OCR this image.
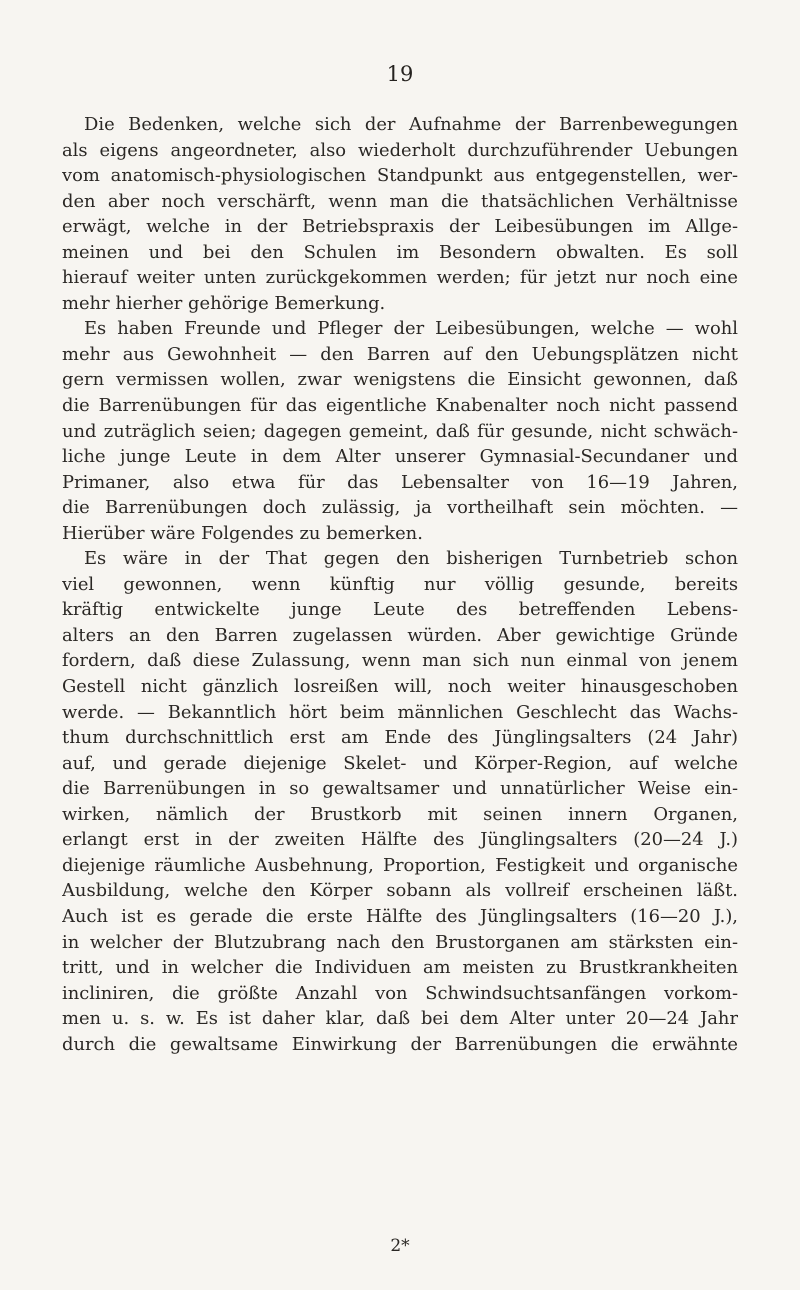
19

Die Bedenken, welche sich der Aufnahme der Barrenbewegungen
als eigens angeordneter, also wiederholt durchzuführender Uebungen
vom anatomisch-physiologischen Standpunkt aus entgegenstellen, wer-
den aber noch verschärft, wenn man die thatsächlichen Verhältnisse
erwägt, welche in der Betriebspraxis der Leibesübungen im Allge-
meinen und bei den Schulen im Besondern obwalten. Es soll
hierauf weiter unten zurückgekommen werden; für jetzt nur noch eine
mehr hierher gehörige Bemerkung.

Es haben Freunde und Pfleger der Leibesübungen, welche — wohl
mehr aus Gewohnheit — den Barren auf den Uebungsplätzen nicht
gern vermissen wollen, zwar wenigstens die Einsicht gewonnen, daß
die Barrenübungen für das eigentliche Knabenalter noch nicht passend
und zuträglich seien; dagegen gemeint, daß für gesunde, nicht schwäch-
liche junge Leute in dem Alter unserer Gymnasial-Secundaner und
Primaner, also etwa für das Lebensalter von 16—19 Jahren,
die Barrenübungen doch zulässig, ja vortheilhaft sein möchten. —
Hierüber wäre Folgendes zu bemerken.

Es wäre in der That gegen den bisherigen Turnbetrieb schon
viel gewonnen, wenn künftig nur völlig gesunde, bereits
kräftig entwickelte junge Leute des betreffenden Lebens-
alters an den Barren zugelassen würden. Aber gewichtige Gründe
fordern, daß diese Zulassung, wenn man sich nun einmal von jenem
Gestell nicht gänzlich losreißen will, noch weiter hinausgeschoben
werde. — Bekanntlich hört beim männlichen Geschlecht das Wachs-
thum durchschnittlich erst am Ende des Jünglingsalters (24 Jahr)
auf, und gerade diejenige Skelet- und Körper-Region, auf welche
die Barrenübungen in so gewaltsamer und unnatürlicher Weise ein-
wirken, nämlich der Brustkorb mit seinen innern Organen,
erlangt erst in der zweiten Hälfte des Jünglingsalters (20—24 J.)
diejenige räumliche Ausbehnung, Proportion, Festigkeit und organische
Ausbildung, welche den Körper sobann als vollreif erscheinen läßt.
Auch ist es gerade die erste Hälfte des Jünglingsalters (16—20 J.),
in welcher der Blutzubrang nach den Brustorganen am stärksten ein-
tritt, und in welcher die Individuen am meisten zu Brustkrankheiten
incliniren, die größte Anzahl von Schwindsuchtsanfängen vorkom-
men u. s. w. Es ist daher klar, daß bei dem Alter unter 20—24 Jahr
durch die gewaltsame Einwirkung der Barrenübungen die erwähnte

2*
